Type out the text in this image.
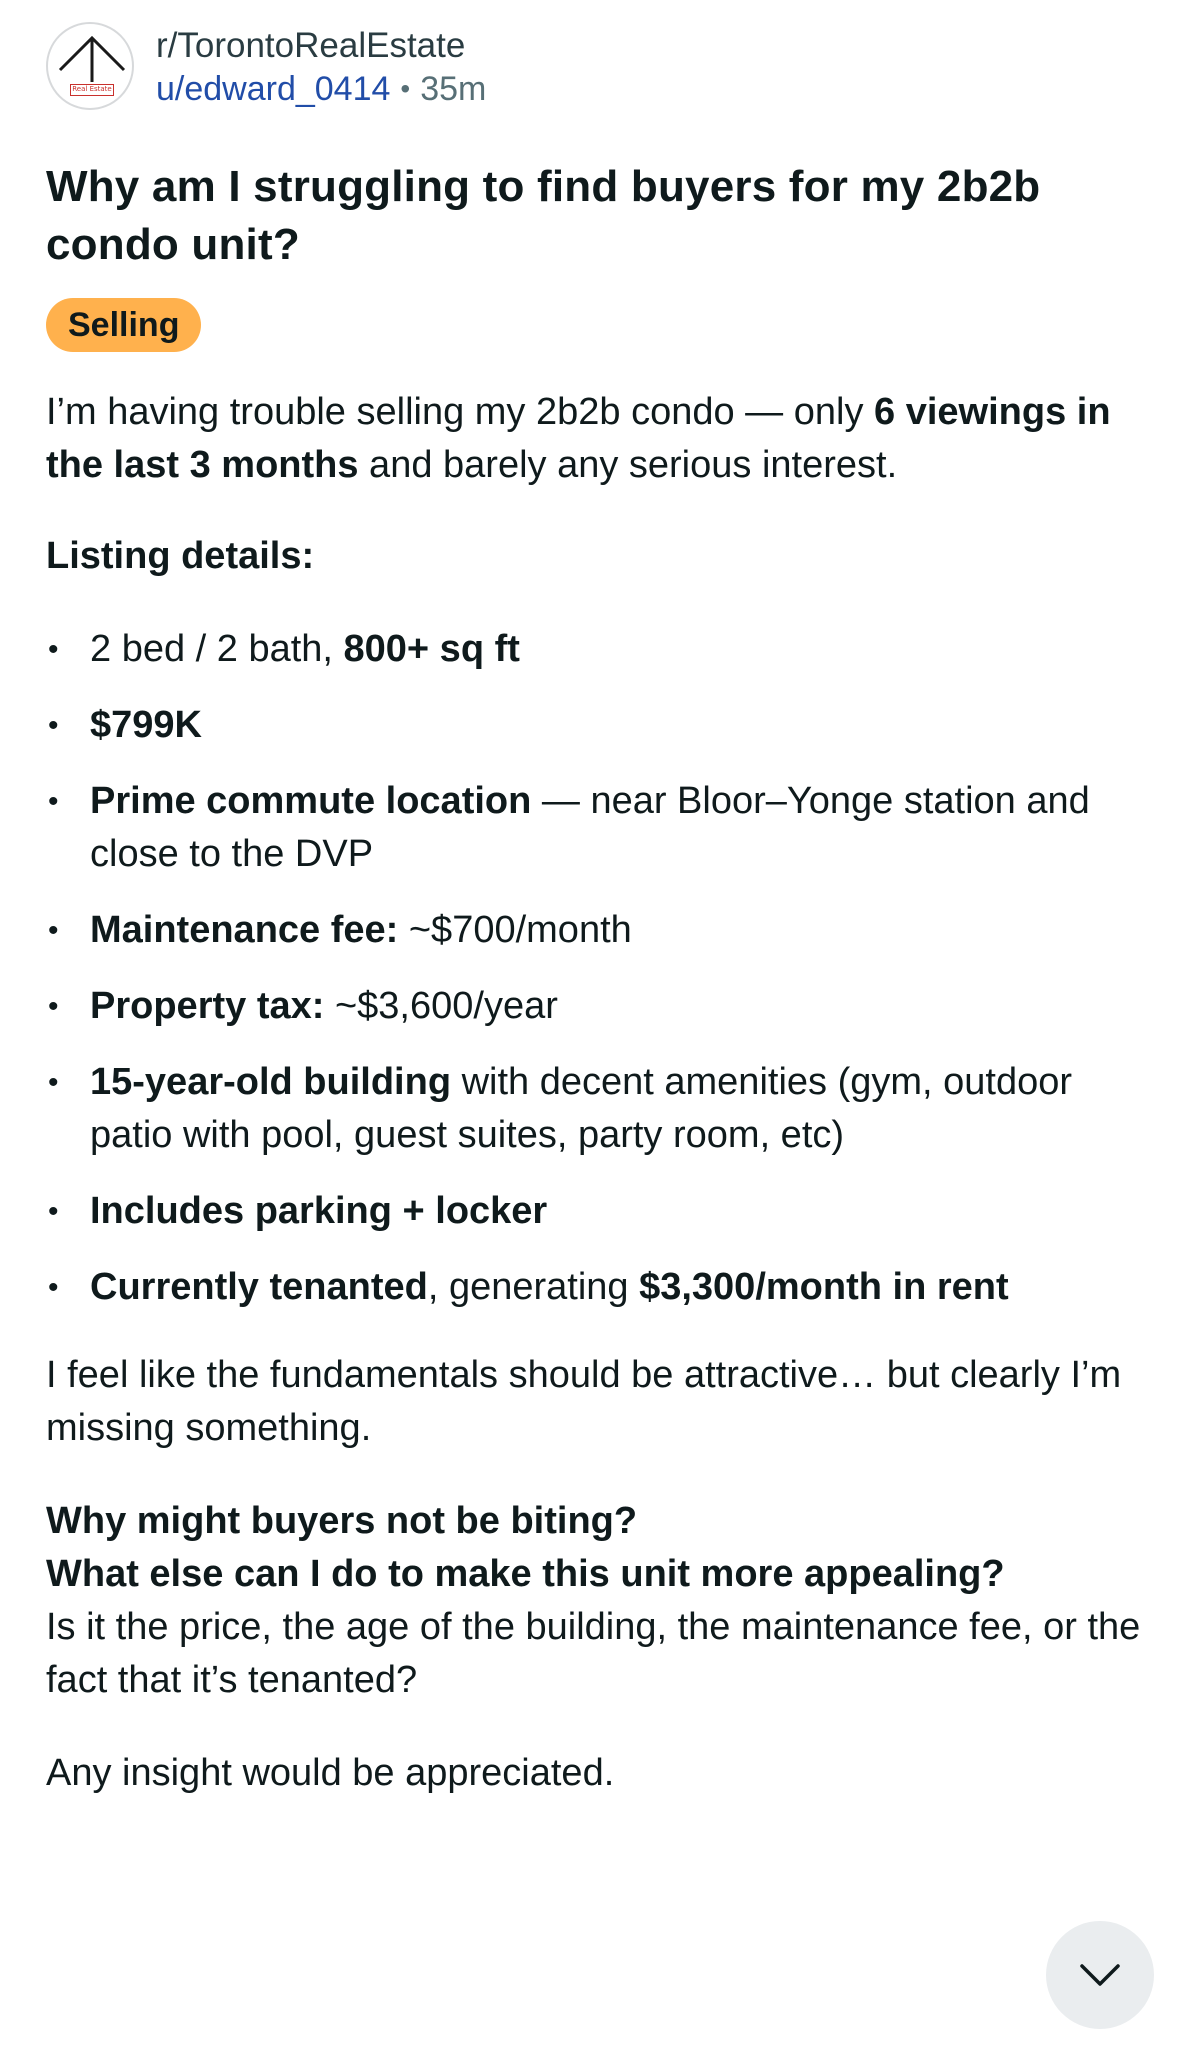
Real Estate
r/TorontoRealEstate
u/edward_0414 • 35m
Why am I struggling to find buyers for my 2b2b condo unit?
Selling

I’m having trouble selling my 2b2b condo — only 6 viewings in the last 3 months and barely any serious interest.

Listing details:

• 2 bed / 2 bath, 800+ sq ft
• $799K
• Prime commute location — near Bloor–Yonge station and close to the DVP
• Maintenance fee: ~$700/month
• Property tax: ~$3,600/year
• 15-year-old building with decent amenities (gym, outdoor patio with pool, guest suites, party room, etc)
• Includes parking + locker
• Currently tenanted, generating $3,300/month in rent

I feel like the fundamentals should be attractive… but clearly I’m missing something.

Why might buyers not be biting?
What else can I do to make this unit more appealing?
Is it the price, the age of the building, the maintenance fee, or the fact that it’s tenanted?

Any insight would be appreciated.
